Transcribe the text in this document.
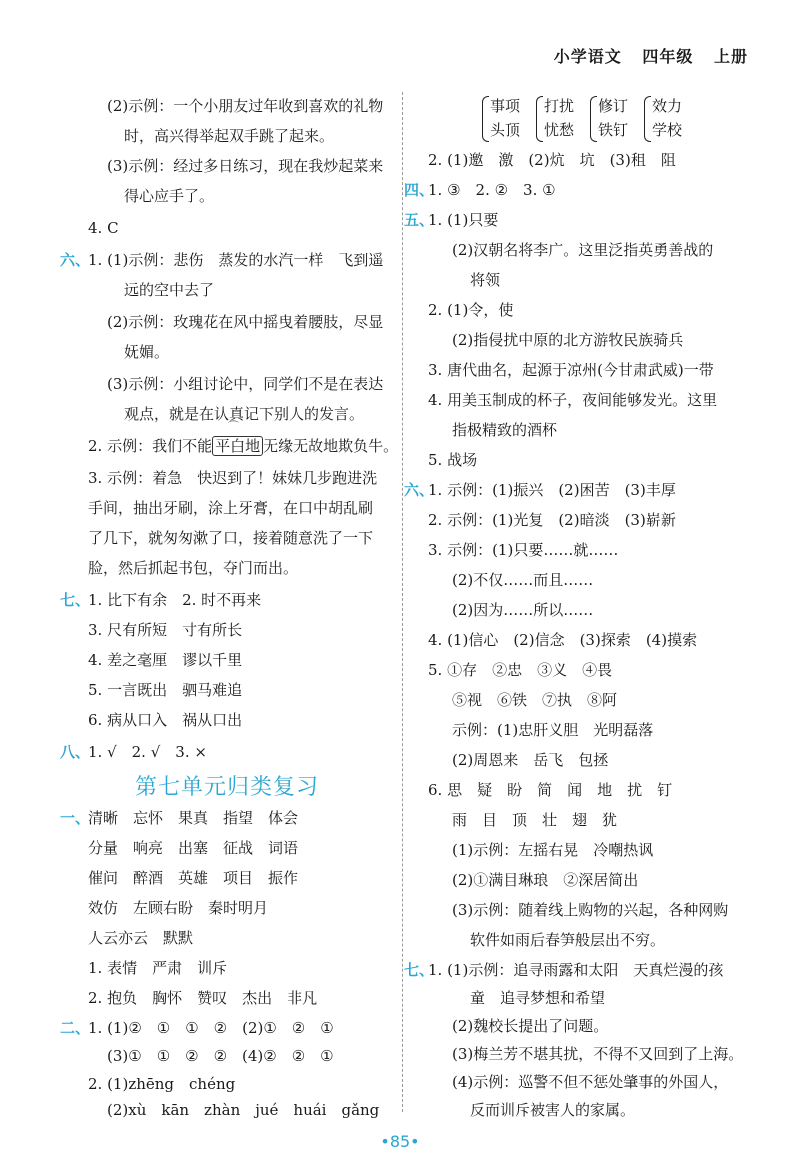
小学语文 四年级 上册
(2)示例：一个小朋友过年收到喜欢的礼物
时，高兴得举起双手跳了起来。
(3)示例：经过多日练习，现在我炒起菜来
得心应手了。
4. C
六、
1. (1)示例：悲伤　蒸发的水汽一样　飞到遥
远的空中去了
(2)示例：玫瑰花在风中摇曳着腰肢，尽显
妩媚。
(3)示例：小组讨论中，同学们不是在表达
观点，就是在认真记下别人的发言。
⌒
2. 示例：我们不能 平白地 无缘无故地欺负牛。
3. 示例：着急　快迟到了！妹妹几步跑进洗
手间，抽出牙刷，涂上牙膏，在口中胡乱刷
了几下，就匆匆漱了口，接着随意洗了一下
脸，然后抓起书包，夺门而出。
七、
1. 比下有余　2. 时不再来
3. 尺有所短　寸有所长
4. 差之毫厘　谬以千里
5. 一言既出　驷马难追
6. 病从口入　祸从口出
八、
1. √　2. √　3. ×
第七单元归类复习
一、
清晰　忘怀　果真　指望　体会
分量　响亮　出塞　征战　词语
催问　醉酒　英雄　项目　振作
效仿　左顾右盼　秦时明月
人云亦云　默默
1. 表情　严肃　训斥
2. 抱负　胸怀　赞叹　杰出　非凡
二、
1. (1)②　①　①　②　(2)①　②　①
(3)①　①　②　②　(4)②　②　①
2. (1)zhēng　chéng
(2)xù　kān　zhàn　jué　huái　gǎng
事项
头顶
打扰
忧愁
修订
铁钉
效力
学校
2. (1)邀　激　(2)炕　坑　(3)租　阻
四、
1. ③　2. ②　3. ①
五、
1. (1)只要
(2)汉朝名将李广。这里泛指英勇善战的
将领
2. (1)令，使
(2)指侵扰中原的北方游牧民族骑兵
3. 唐代曲名，起源于凉州(今甘肃武威)一带
4. 用美玉制成的杯子，夜间能够发光。这里
指极精致的酒杯
5. 战场
六、
1. 示例：(1)振兴　(2)困苦　(3)丰厚
2. 示例：(1)光复　(2)暗淡　(3)崭新
3. 示例：(1)只要……就……
(2)不仅……而且……
(2)因为……所以……
4. (1)信心　(2)信念　(3)探索　(4)摸索
5. ①存　②忠　③义　④畏
⑤视　⑥铁　⑦执　⑧阿
示例：(1)忠肝义胆　光明磊落
(2)周恩来　岳飞　包拯
6. 思　疑　盼　简　闻　地　扰　钉
雨　目　顶　壮　翅　犹
(1)示例：左摇右晃　冷嘲热讽
(2)①满目琳琅　②深居简出
(3)示例：随着线上购物的兴起，各种网购
软件如雨后春笋般层出不穷。
七、
1. (1)示例：追寻雨露和太阳　天真烂漫的孩
童　追寻梦想和希望
(2)魏校长提出了问题。
(3)梅兰芳不堪其扰，不得不又回到了上海。
(4)示例：巡警不但不惩处肇事的外国人，
反而训斥被害人的家属。
•85•
